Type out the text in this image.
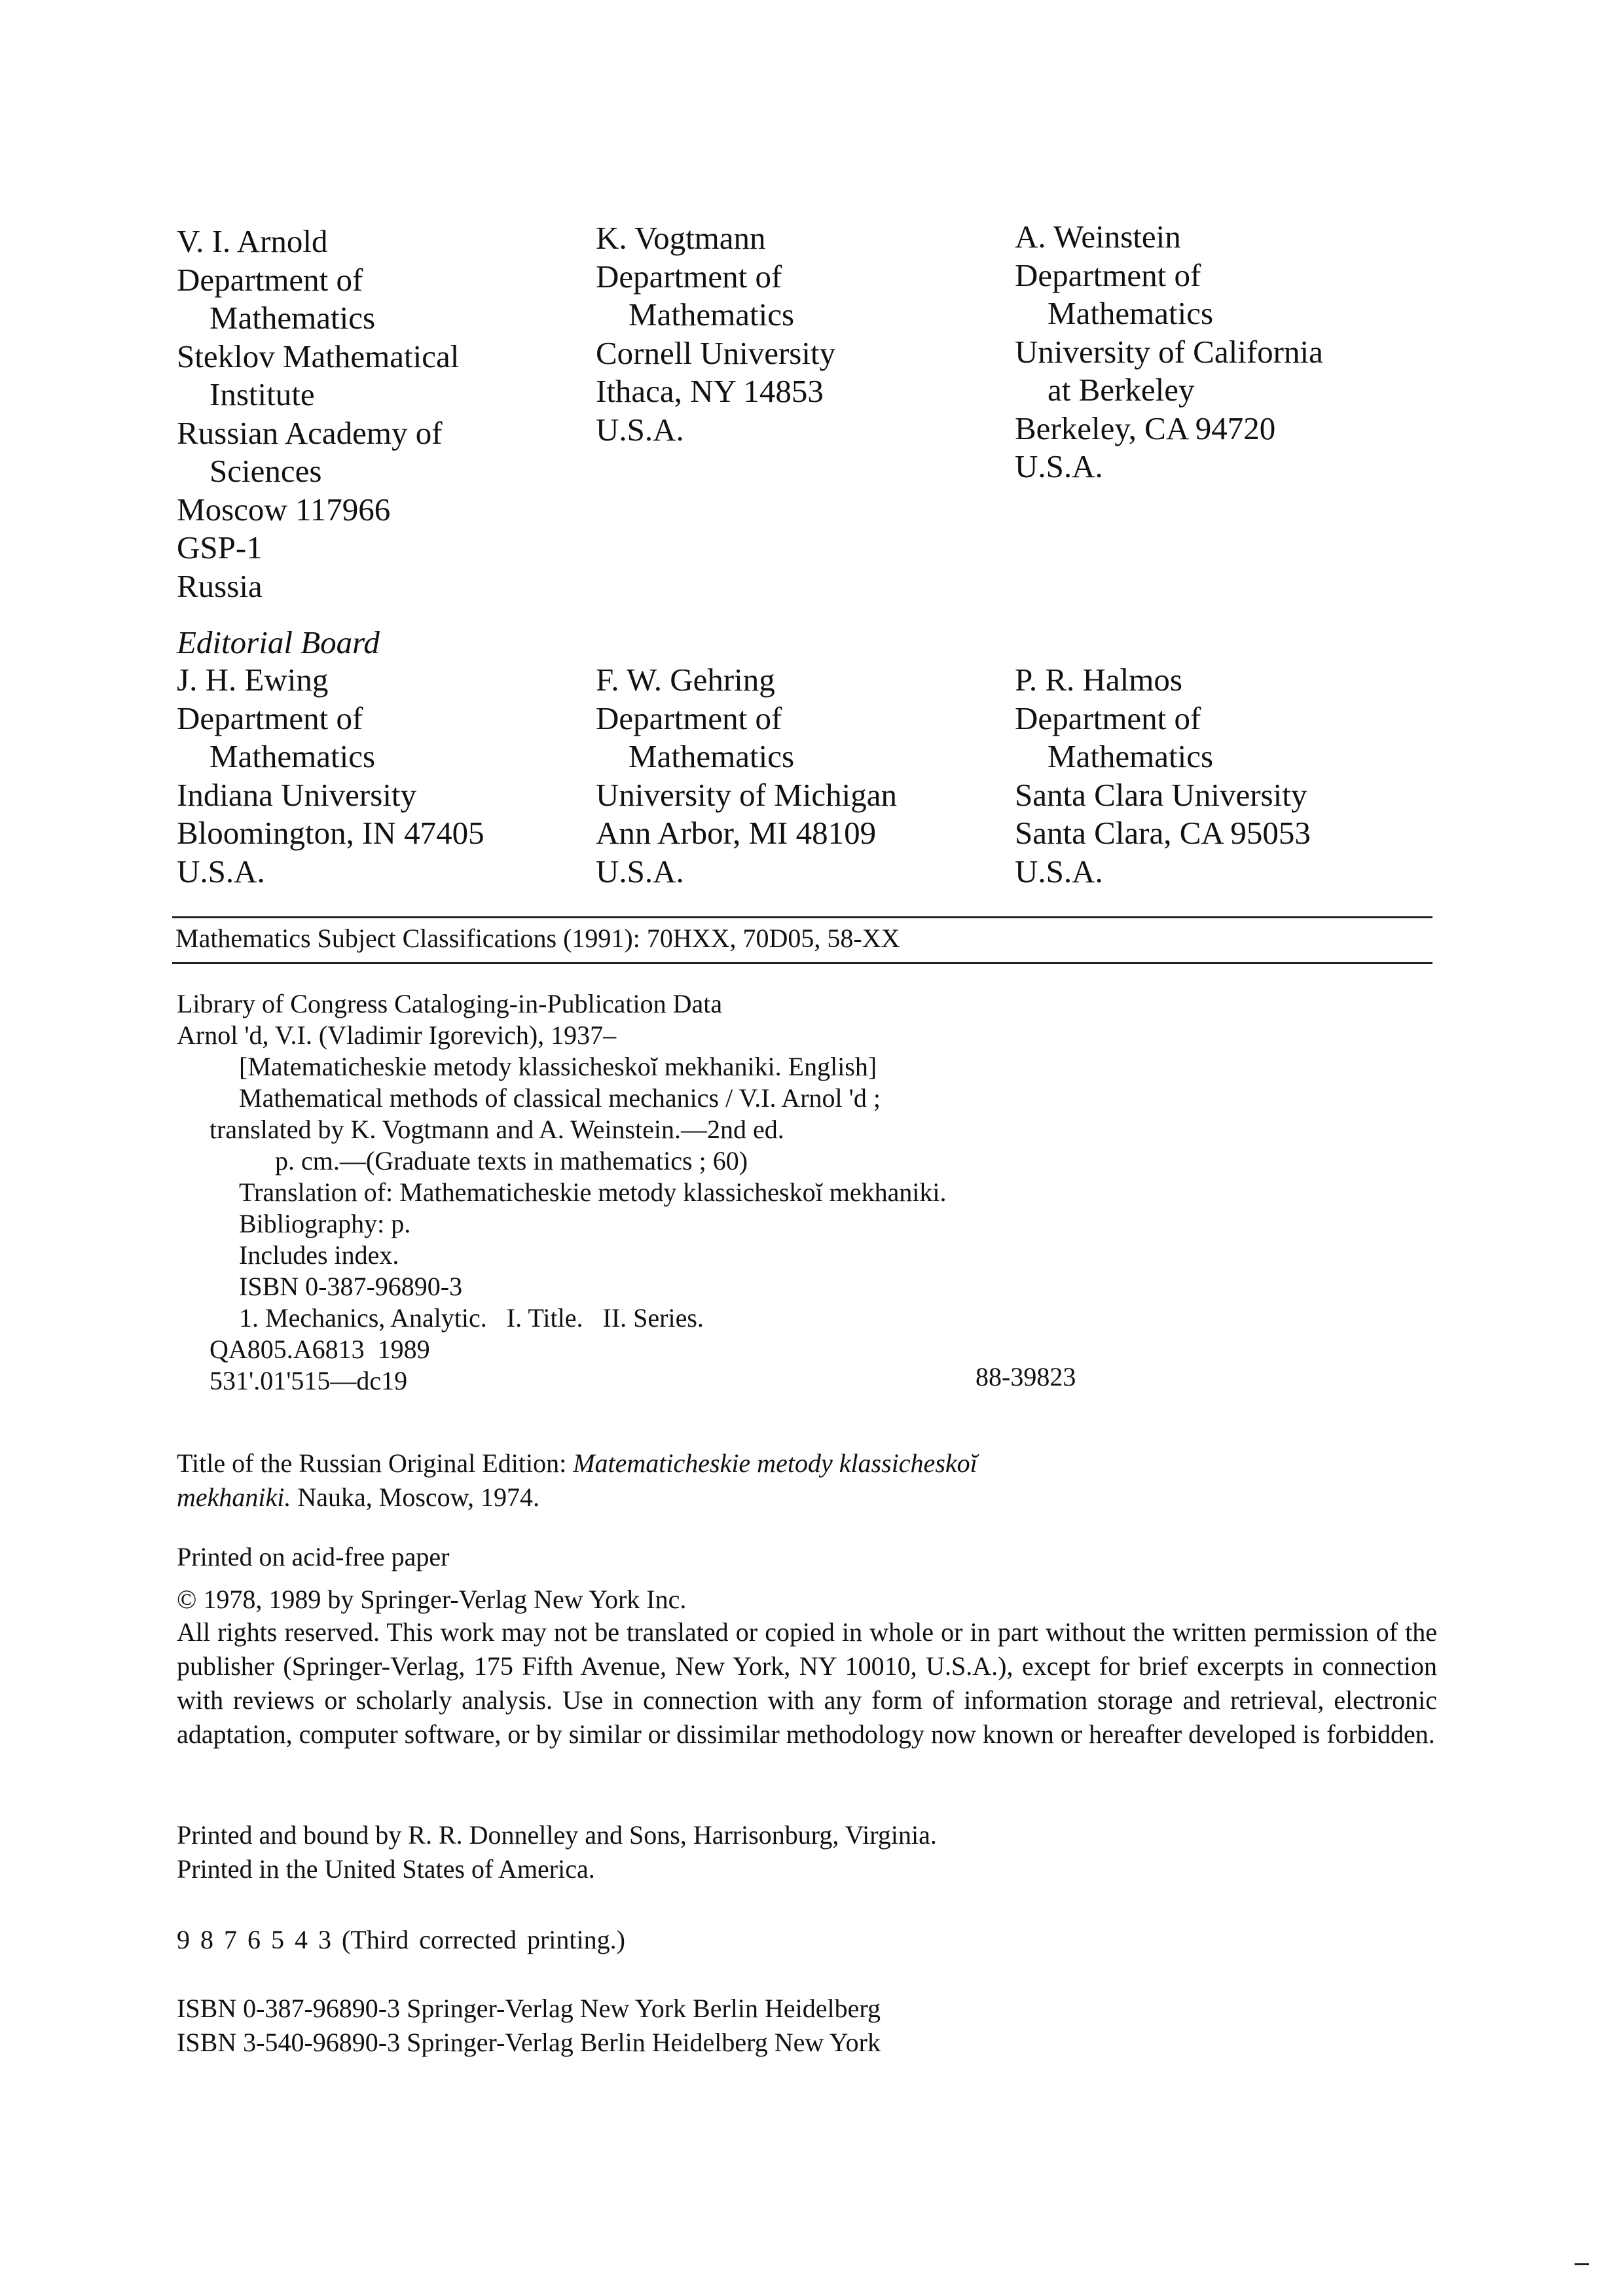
V. I. Arnold
Department of
Mathematics
Steklov Mathematical
Institute
Russian Academy of
Sciences
Moscow 117966
GSP-1
Russia
K. Vogtmann
Department of
Mathematics
Cornell University
Ithaca, NY 14853
U.S.A.
A. Weinstein
Department of
Mathematics
University of California
at Berkeley
Berkeley, CA 94720
U.S.A.
Editorial Board
J. H. Ewing
Department of
Mathematics
Indiana University
Bloomington, IN 47405
U.S.A.
F. W. Gehring
Department of
Mathematics
University of Michigan
Ann Arbor, MI 48109
U.S.A.
P. R. Halmos
Department of
Mathematics
Santa Clara University
Santa Clara, CA 95053
U.S.A.
Mathematics Subject Classifications (1991): 70HXX, 70D05, 58-XX
Library of Congress Cataloging-in-Publication Data
Arnol 'd, V.I. (Vladimir Igorevich), 1937–
[Matematicheskie metody klassicheskoĭ mekhaniki. English]
Mathematical methods of classical mechanics / V.I. Arnol 'd ;
translated by K. Vogtmann and A. Weinstein.—2nd ed.
p. cm.—(Graduate texts in mathematics ; 60)
Translation of: Mathematicheskie metody klassicheskoĭ mekhaniki.
Bibliography: p.
Includes index.
ISBN 0-387-96890-3
1. Mechanics, Analytic.   I. Title.   II. Series.
QA805.A6813  1989
531'.01'515—dc19	88-39823
Title of the Russian Original Edition: Matematicheskie metody klassicheskoĭ
mekhaniki. Nauka, Moscow, 1974.
Printed on acid-free paper
© 1978, 1989 by Springer-Verlag New York Inc.
All rights reserved. This work may not be translated or copied in whole or in part without the written permission of the publisher (Springer-Verlag, 175 Fifth Avenue, New York, NY 10010, U.S.A.), except for brief excerpts in connection with reviews or scholarly analysis. Use in connection with any form of information storage and retrieval, electronic adaptation, computer software, or by similar or dissimilar methodology now known or hereafter developed is forbidden.
Printed and bound by R. R. Donnelley and Sons, Harrisonburg, Virginia.
Printed in the United States of America.
9 8 7 6 5 4 3 (Third corrected printing.)
ISBN 0-387-96890-3 Springer-Verlag New York Berlin Heidelberg
ISBN 3-540-96890-3 Springer-Verlag Berlin Heidelberg New York
